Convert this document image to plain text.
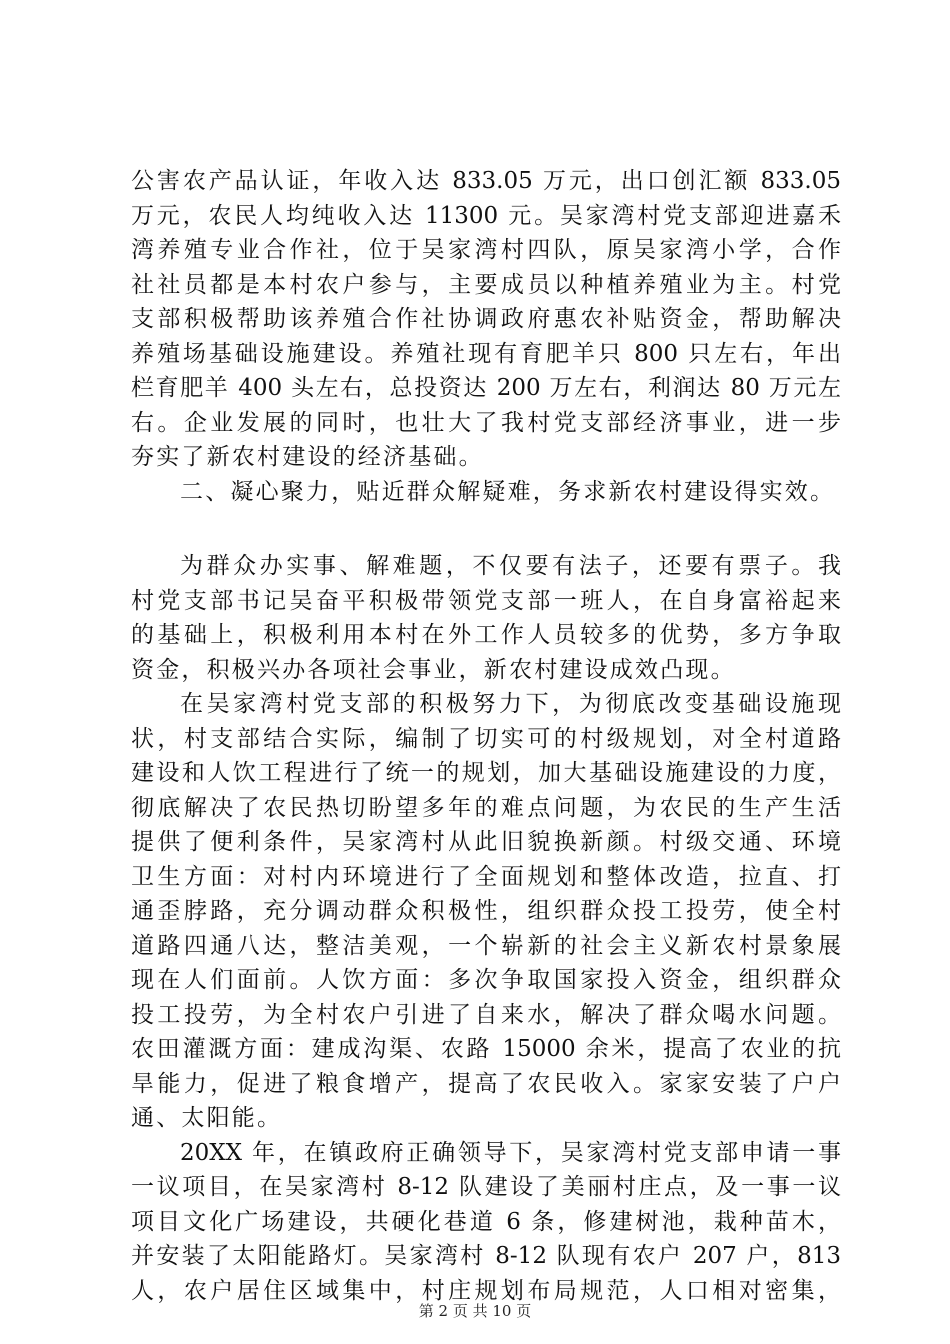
公害农产品认证，年收入达 833.05 万元，出口创汇额 833.05
万元，农民人均纯收入达 11300 元。吴家湾村党支部迎进嘉禾
湾养殖专业合作社，位于吴家湾村四队，原吴家湾小学，合作
社社员都是本村农户参与，主要成员以种植养殖业为主。村党
支部积极帮助该养殖合作社协调政府惠农补贴资金，帮助解决
养殖场基础设施建设。养殖社现有育肥羊只 800 只左右，年出
栏育肥羊 400 头左右，总投资达 200 万左右，利润达 80 万元左
右。企业发展的同时，也壮大了我村党支部经济事业，进一步
夯实了新农村建设的经济基础。
二、凝心聚力，贴近群众解疑难，务求新农村建设得实效。
为群众办实事、解难题，不仅要有法子，还要有票子。我
村党支部书记吴奋平积极带领党支部一班人，在自身富裕起来
的基础上，积极利用本村在外工作人员较多的优势，多方争取
资金，积极兴办各项社会事业，新农村建设成效凸现。
在吴家湾村党支部的积极努力下，为彻底改变基础设施现
状，村支部结合实际，编制了切实可的村级规划，对全村道路
建设和人饮工程进行了统一的规划，加大基础设施建设的力度，
彻底解决了农民热切盼望多年的难点问题，为农民的生产生活
提供了便利条件，吴家湾村从此旧貌换新颜。村级交通、环境
卫生方面：对村内环境进行了全面规划和整体改造，拉直、打
通歪脖路，充分调动群众积极性，组织群众投工投劳，使全村
道路四通八达，整洁美观，一个崭新的社会主义新农村景象展
现在人们面前。人饮方面：多次争取国家投入资金，组织群众
投工投劳，为全村农户引进了自来水，解决了群众喝水问题。
农田灌溉方面：建成沟渠、农路 15000 余米，提高了农业的抗
旱能力，促进了粮食增产，提高了农民收入。家家安装了户户
通、太阳能。
20XX 年，在镇政府正确领导下，吴家湾村党支部申请一事
一议项目，在吴家湾村 8-12 队建设了美丽村庄点，及一事一议
项目文化广场建设，共硬化巷道 6 条，修建树池，栽种苗木，
并安装了太阳能路灯。吴家湾村 8-12 队现有农户 207 户，813
人，农户居住区域集中，村庄规划布局规范，人口相对密集，
第 2 页 共 10 页
